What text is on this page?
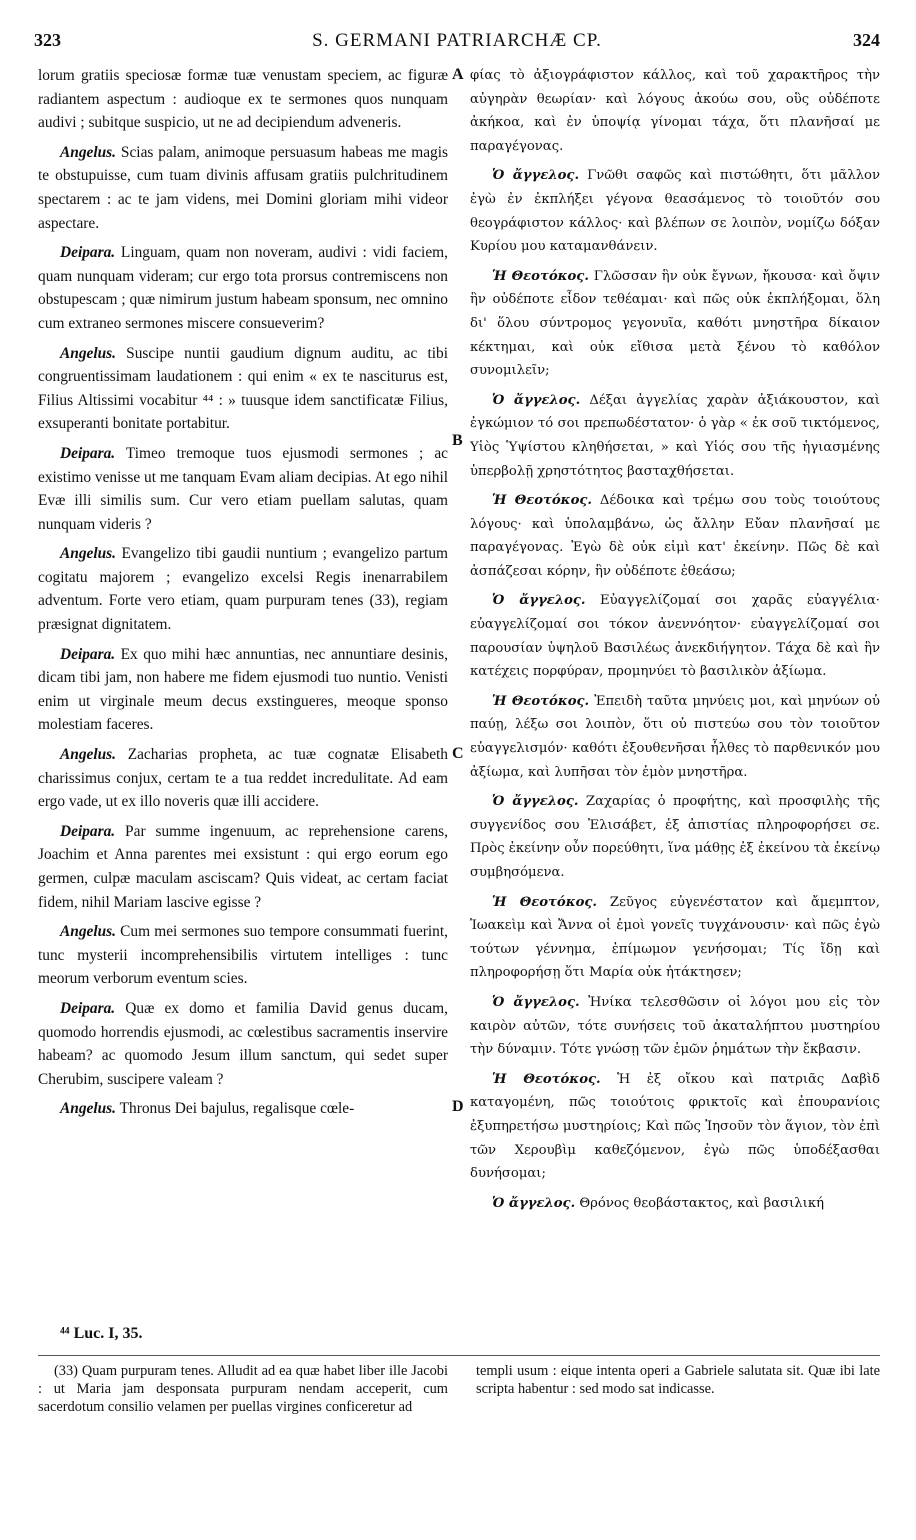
323	S. GERMANI PATRIARCHÆ CP.	324

lorum gratiis speciosæ formæ tuæ venustam speciem, ac figuræ radiantem aspectum : audioque ex te sermones quos nunquam audivi ; subitque suspicio, ut ne ad decipiendum adveneris.

Angelus. Scias palam, animoque persuasum habeas me magis te obstupuisse, cum tuam divinis affusam gratiis pulchritudinem spectarem : ac te jam videns, mei Domini gloriam mihi videor aspectare.

Deipara. Linguam, quam non noveram, audivi : vidi faciem, quam nunquam videram; cur ergo tota prorsus contremiscens non obstupescam ; quæ nimirum justum habeam sponsum, nec omnino cum extraneo sermones miscere consueverim?

Angelus. Suscipe nuntii gaudium dignum auditu, ac tibi congruentissimam laudationem : qui enim « ex te nasciturus est, Filius Altissimi vocabitur ⁴⁴ : » tuusque idem sanctificatæ Filius, exsuperanti bonitate portabitur.

Deipara. Timeo tremoque tuos ejusmodi sermones ; ac existimo venisse ut me tanquam Evam aliam decipias. At ego nihil Evæ illi similis sum. Cur vero etiam puellam salutas, quam nunquam videris ?

Angelus. Evangelizo tibi gaudii nuntium ; evangelizo partum cogitatu majorem ; evangelizo excelsi Regis inenarrabilem adventum. Forte vero etiam, quam purpuram tenes (33), regiam præsignat dignitatem.

Deipara. Ex quo mihi hæc annuntias, nec annuntiare desinis, dicam tibi jam, non habere me fidem ejusmodi tuo nuntio. Venisti enim ut virginale meum decus exstingueres, meoque sponso molestiam faceres.

Angelus. Zacharias propheta, ac tuæ cognatæ Elisabeth charissimus conjux, certam te a tua reddet incredulitate. Ad eam ergo vade, ut ex illo noveris quæ illi accidere.

Deipara. Par summe ingenuum, ac reprehensione carens, Joachim et Anna parentes mei exsistunt : qui ergo eorum ego germen, culpæ maculam asciscam? Quis videat, ac certam faciat fidem, nihil Mariam lascive egisse ?

Angelus. Cum mei sermones suo tempore consummati fuerint, tunc mysterii incomprehensibilis virtutem intelliges : tunc meorum verborum eventum scies.

Deipara. Quæ ex domo et familia David genus ducam, quomodo horrendis ejusmodi, ac cœlestibus sacramentis inservire habeam? ac quomodo Jesum illum sanctum, qui sedet super Cherubim, suscipere valeam ?

Angelus. Thronus Dei bajulus, regalisque cœle-

φίας τὸ ἀξιογράφιστον κάλλος, καὶ τοῦ χαρακτῆρος τὴν αὐγηρὰν θεωρίαν· καὶ λόγους ἀκούω σου, οὓς οὐδέποτε ἀκήκοα, καὶ ἐν ὑποψίᾳ γίνομαι τάχα, ὅτι πλανῆσαί με παραγέγονας.

Ὁ ἄγγελος. Γνῶθι σαφῶς καὶ πιστώθητι, ὅτι μᾶλλον ἐγὼ ἐν ἐκπλήξει γέγονα θεασάμενος τὸ τοιοῦτόν σου θεογράφιστον κάλλος· καὶ βλέπων σε λοιπὸν, νομίζω δόξαν Κυρίου μου καταμανθάνειν.

Ἡ Θεοτόκος. Γλῶσσαν ἣν οὐκ ἔγνων, ἤκουσα· καὶ ὄψιν ἣν οὐδέποτε εἶδον τεθέαμαι· καὶ πῶς οὐκ ἐκπλήξομαι, ὅλη δι' ὅλου σύντρομος γεγονυῖα, καθότι μνηστῆρα δίκαιον κέκτημαι, καὶ οὐκ εἴθισα μετὰ ξένου τὸ καθόλον συνομιλεῖν;

Ὁ ἄγγελος. Δέξαι ἀγγελίας χαρὰν ἀξιάκουστον, καὶ ἐγκώμιον τό σοι πρεπωδέστατον· ὁ γὰρ « ἐκ σοῦ τικτόμενος, Υἱὸς Ὑψίστου κληθήσεται, » καὶ Υἱός σου τῆς ἡγιασμένης ὑπερβολῇ χρηστότητος βασταχθήσεται.

Ἡ Θεοτόκος. Δέδοικα καὶ τρέμω σου τοὺς τοιούτους λόγους· καὶ ὑπολαμβάνω, ὡς ἄλλην Εὔαν πλανῆσαί με παραγέγονας. Ἐγὼ δὲ οὐκ εἰμὶ κατ' ἐκείνην. Πῶς δὲ καὶ ἀσπάζεσαι κόρην, ἣν οὐδέποτε ἐθεάσω;

Ὁ ἄγγελος. Εὐαγγελίζομαί σοι χαρᾶς εὐαγγέλια· εὐαγγελίζομαί σοι τόκον ἀνεννόητον· εὐαγγελίζομαί σοι παρουσίαν ὑψηλοῦ Βασιλέως ἀνεκδιήγητον. Τάχα δὲ καὶ ἣν κατέχεις πορφύραν, προμηνύει τὸ βασιλικὸν ἀξίωμα.

Ἡ Θεοτόκος. Ἐπειδὴ ταῦτα μηνύεις μοι, καὶ μηνύων οὐ παύῃ, λέξω σοι λοιπὸν, ὅτι οὐ πιστεύω σου τὸν τοιοῦτον εὐαγγελισμόν· καθότι ἐξουθενῆσαι ἦλθες τὸ παρθενικόν μου ἀξίωμα, καὶ λυπῆσαι τὸν ἐμὸν μνηστῆρα.

Ὁ ἄγγελος. Ζαχαρίας ὁ προφήτης, καὶ προσφιλὴς τῆς συγγενίδος σου Ἐλισάβετ, ἐξ ἀπιστίας πληροφορήσει σε. Πρὸς ἐκείνην οὖν πορεύθητι, ἵνα μάθῃς ἐξ ἐκείνου τὰ ἐκείνῳ συμβησόμενα.

Ἡ Θεοτόκος. Ζεῦγος εὐγενέστατον καὶ ἄμεμπτον, Ἰωακεὶμ καὶ Ἄννα οἱ ἐμοὶ γονεῖς τυγχάνουσιν· καὶ πῶς ἐγὼ τούτων γέννημα, ἐπίμωμον γενήσομαι; Τίς ἴδῃ καὶ πληροφορήσῃ ὅτι Μαρία οὐκ ἠτάκτησεν;

Ὁ ἄγγελος. Ἡνίκα τελεσθῶσιν οἱ λόγοι μου εἰς τὸν καιρὸν αὐτῶν, τότε συνήσεις τοῦ ἀκαταλήπτου μυστηρίου τὴν δύναμιν. Τότε γνώσῃ τῶν ἐμῶν ῥημάτων τὴν ἔκβασιν.

Ἡ Θεοτόκος. Ἡ ἐξ οἴκου καὶ πατριᾶς Δαβὶδ καταγομένη, πῶς τοιούτοις φρικτοῖς καὶ ἐπουρανίοις ἐξυπηρετήσω μυστηρίοις; Καὶ πῶς Ἰησοῦν τὸν ἅγιον, τὸν ἐπὶ τῶν Χερουβὶμ καθεζόμενον, ἐγὼ πῶς ὑποδέξασθαι δυνήσομαι;

Ὁ ἄγγελος. Θρόνος θεοβάστακτος, καὶ βασιλική

A
B
C
D
⁴⁴ Luc. I, 35.
(33) Quam purpuram tenes. Alludit ad ea quæ habet liber ille Jacobi : ut Maria jam desponsata purpuram nendam acceperit, cum sacerdotum consilio velamen per puellas virgines conficeretur ad
templi usum : eique intenta operi a Gabriele salutata sit. Quæ ibi late scripta habentur : sed modo sat indicasse.
